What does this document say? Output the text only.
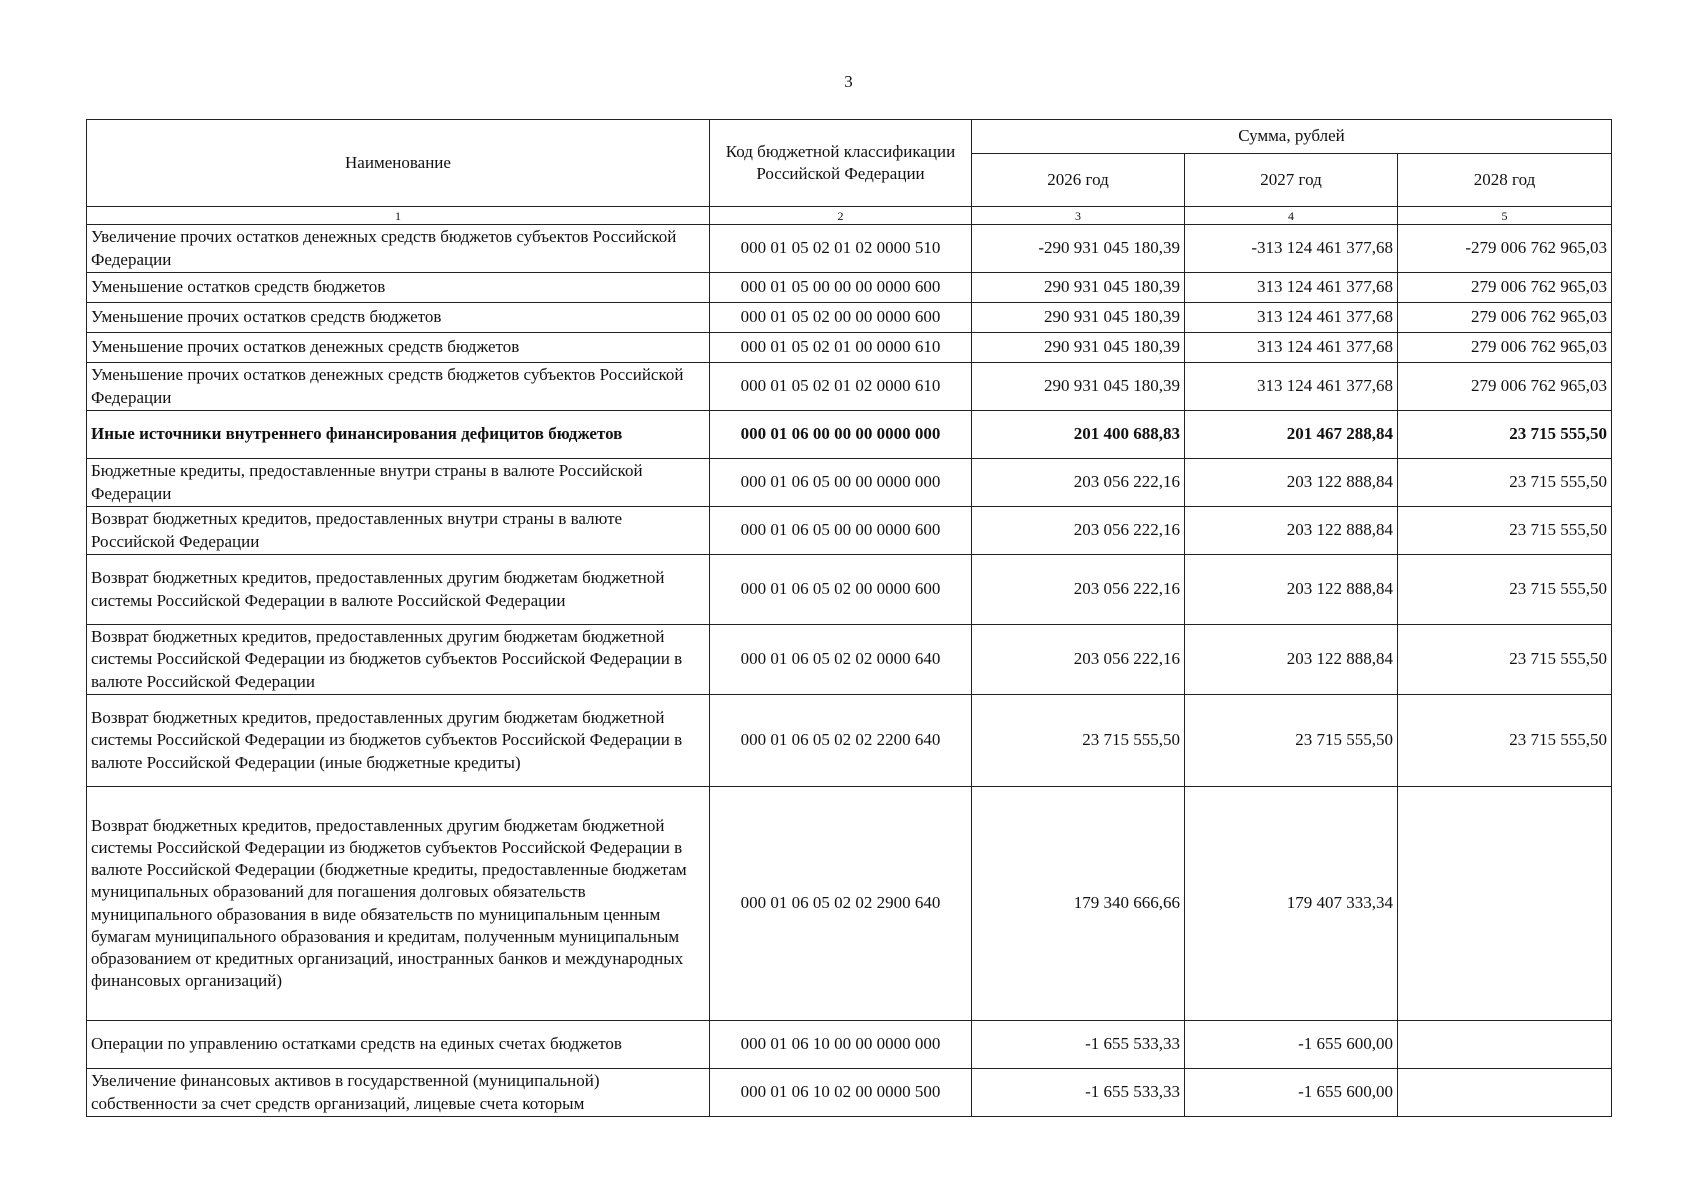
3
Наименование	Код бюджетной классификации Российской Федерации	Сумма, рублей		
		2026 год	2027 год	2028 год
1	2	3	4	5
Увеличение прочих остатков денежных средств бюджетов субъектов Российской Федерации	000 01 05 02 01 02 0000 510	-290 931 045 180,39	-313 124 461 377,68	-279 006 762 965,03
Уменьшение остатков средств бюджетов	000 01 05 00 00 00 0000 600	290 931 045 180,39	313 124 461 377,68	279 006 762 965,03
Уменьшение прочих остатков средств бюджетов	000 01 05 02 00 00 0000 600	290 931 045 180,39	313 124 461 377,68	279 006 762 965,03
Уменьшение прочих остатков денежных средств бюджетов	000 01 05 02 01 00 0000 610	290 931 045 180,39	313 124 461 377,68	279 006 762 965,03
Уменьшение прочих остатков денежных средств бюджетов субъектов Российской Федерации	000 01 05 02 01 02 0000 610	290 931 045 180,39	313 124 461 377,68	279 006 762 965,03
Иные источники внутреннего финансирования дефицитов бюджетов	000 01 06 00 00 00 0000 000	201 400 688,83	201 467 288,84	23 715 555,50
Бюджетные кредиты, предоставленные внутри страны в валюте Российской Федерации	000 01 06 05 00 00 0000 000	203 056 222,16	203 122 888,84	23 715 555,50
Возврат бюджетных кредитов, предоставленных внутри страны в валюте Российской Федерации	000 01 06 05 00 00 0000 600	203 056 222,16	203 122 888,84	23 715 555,50
Возврат бюджетных кредитов, предоставленных другим бюджетам бюджетной системы Российской Федерации в валюте Российской Федерации	000 01 06 05 02 00 0000 600	203 056 222,16	203 122 888,84	23 715 555,50
Возврат бюджетных кредитов, предоставленных другим бюджетам бюджетной системы Российской Федерации из бюджетов субъектов Российской Федерации в валюте Российской Федерации	000 01 06 05 02 02 0000 640	203 056 222,16	203 122 888,84	23 715 555,50
Возврат бюджетных кредитов, предоставленных другим бюджетам бюджетной системы Российской Федерации из бюджетов субъектов Российской Федерации в валюте Российской Федерации (иные бюджетные кредиты)	000 01 06 05 02 02 2200 640	23 715 555,50	23 715 555,50	23 715 555,50
Возврат бюджетных кредитов, предоставленных другим бюджетам бюджетной системы Российской Федерации из бюджетов субъектов Российской Федерации в валюте Российской Федерации (бюджетные кредиты, предоставленные бюджетам муниципальных образований для погашения долговых обязательств муниципального образования в виде обязательств по муниципальным ценным бумагам муниципального образования и кредитам, полученным муниципальным образованием от кредитных организаций, иностранных банков и международных финансовых организаций)	000 01 06 05 02 02 2900 640	179 340 666,66	179 407 333,34	
Операции по управлению остатками средств на единых счетах бюджетов	000 01 06 10 00 00 0000 000	-1 655 533,33	-1 655 600,00	
Увеличение финансовых активов в государственной (муниципальной) собственности за счет средств организаций, лицевые счета которым	000 01 06 10 02 00 0000 500	-1 655 533,33	-1 655 600,00	
